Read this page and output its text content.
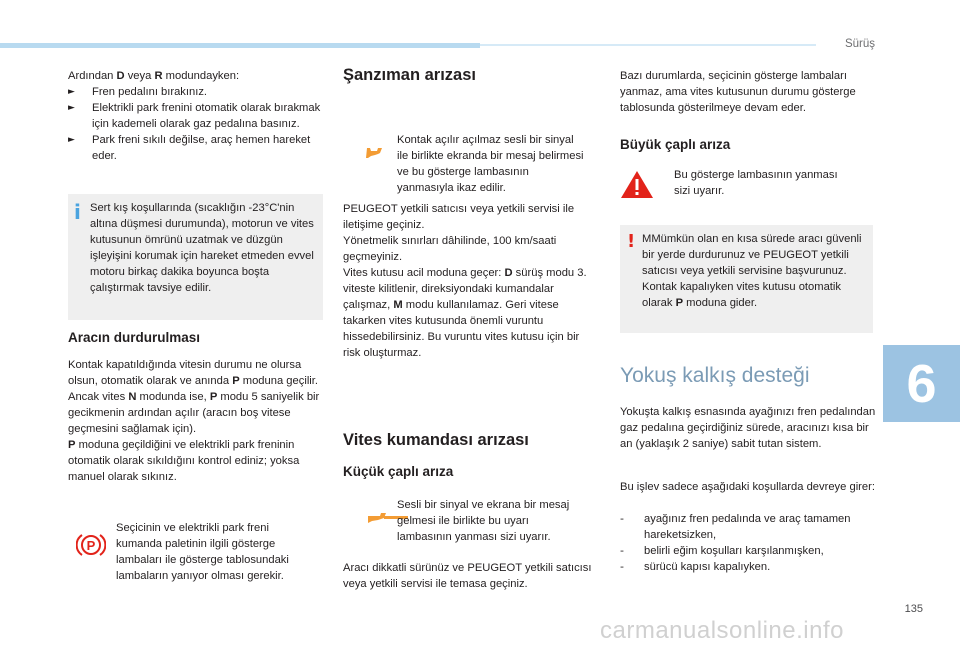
Sürüş
Ardından D veya R modundayken:
► Fren pedalını bırakınız.
► Elektrikli park frenini otomatik olarak bırakmak için kademeli olarak gaz pedalına basınız.
► Park freni sıkılı değilse, araç hemen hareket eder.
i Sert kış koşullarında (sıcaklığın -23°C'nin altına düşmesi durumunda), motorun ve vites kutusunun ömrünü uzatmak ve düzgün işleyişini korumak için hareket etmeden evvel motoru birkaç dakika boyunca boşta çalıştırmak tavsiye edilir.
Aracın durdurulması
Kontak kapatıldığında vitesin durumu ne olursa olsun, otomatik olarak ve anında P moduna geçilir.
Ancak vites N modunda ise, P modu 5 saniyelik bir gecikmenin ardından açılır (aracın boş vitese geçmesini sağlamak için).
P moduna geçildiğini ve elektrikli park freninin otomatik olarak sıkıldığını kontrol ediniz; yoksa manuel olarak sıkınız.
P
Seçicinin ve elektrikli park freni kumanda paletinin ilgili gösterge lambaları ile gösterge tablosundaki lambaların yanıyor olması gerekir.
Şanzıman arızası
Kontak açılır açılmaz sesli bir sinyal ile birlikte ekranda bir mesaj belirmesi ve bu gösterge lambasının yanmasıyla ikaz edilir.
PEUGEOT yetkili satıcısı veya yetkili servisi ile iletişime geçiniz.
Yönetmelik sınırları dâhilinde, 100 km/saati geçmeyiniz.
Vites kutusu acil moduna geçer: D sürüş modu 3. viteste kilitlenir, direksiyondaki kumandalar çalışmaz, M modu kullanılamaz. Geri vitese takarken vites kutusunda önemli vuruntu hissedebilirsiniz. Bu vuruntu vites kutusu için bir risk oluşturmaz.
Vites kumandası arızası
Küçük çaplı arıza
Sesli bir sinyal ve ekrana bir mesaj gelmesi ile birlikte bu uyarı lambasının yanması sizi uyarır.
Aracı dikkatli sürünüz ve PEUGEOT yetkili satıcısı veya yetkili servisi ile temasa geçiniz.
Bazı durumlarda, seçicinin gösterge lambaları yanmaz, ama vites kutusunun durumu gösterge tablosunda gösterilmeye devam eder.
Büyük çaplı arıza
Bu gösterge lambasının yanması sizi uyarır.
! MMümkün olan en kısa sürede aracı güvenli bir yerde durdurunuz ve PEUGEOT yetkili satıcısı veya yetkili servisine başvurunuz.
Kontak kapalıyken vites kutusu otomatik olarak P moduna gider.
Yokuş kalkış desteği
Yokuşta kalkış esnasında ayağınızı fren pedalından gaz pedalına geçirdiğiniz sürede, aracınızı kısa bir an (yaklaşık 2 saniye) sabit tutan sistem.
Bu işlev sadece aşağıdaki koşullarda devreye girer:
- ayağınız fren pedalında ve araç tamamen hareketsizken,
- belirli eğim koşulları karşılanmışken,
- sürücü kapısı kapalıyken.
6
135
carmanualsonline.info
